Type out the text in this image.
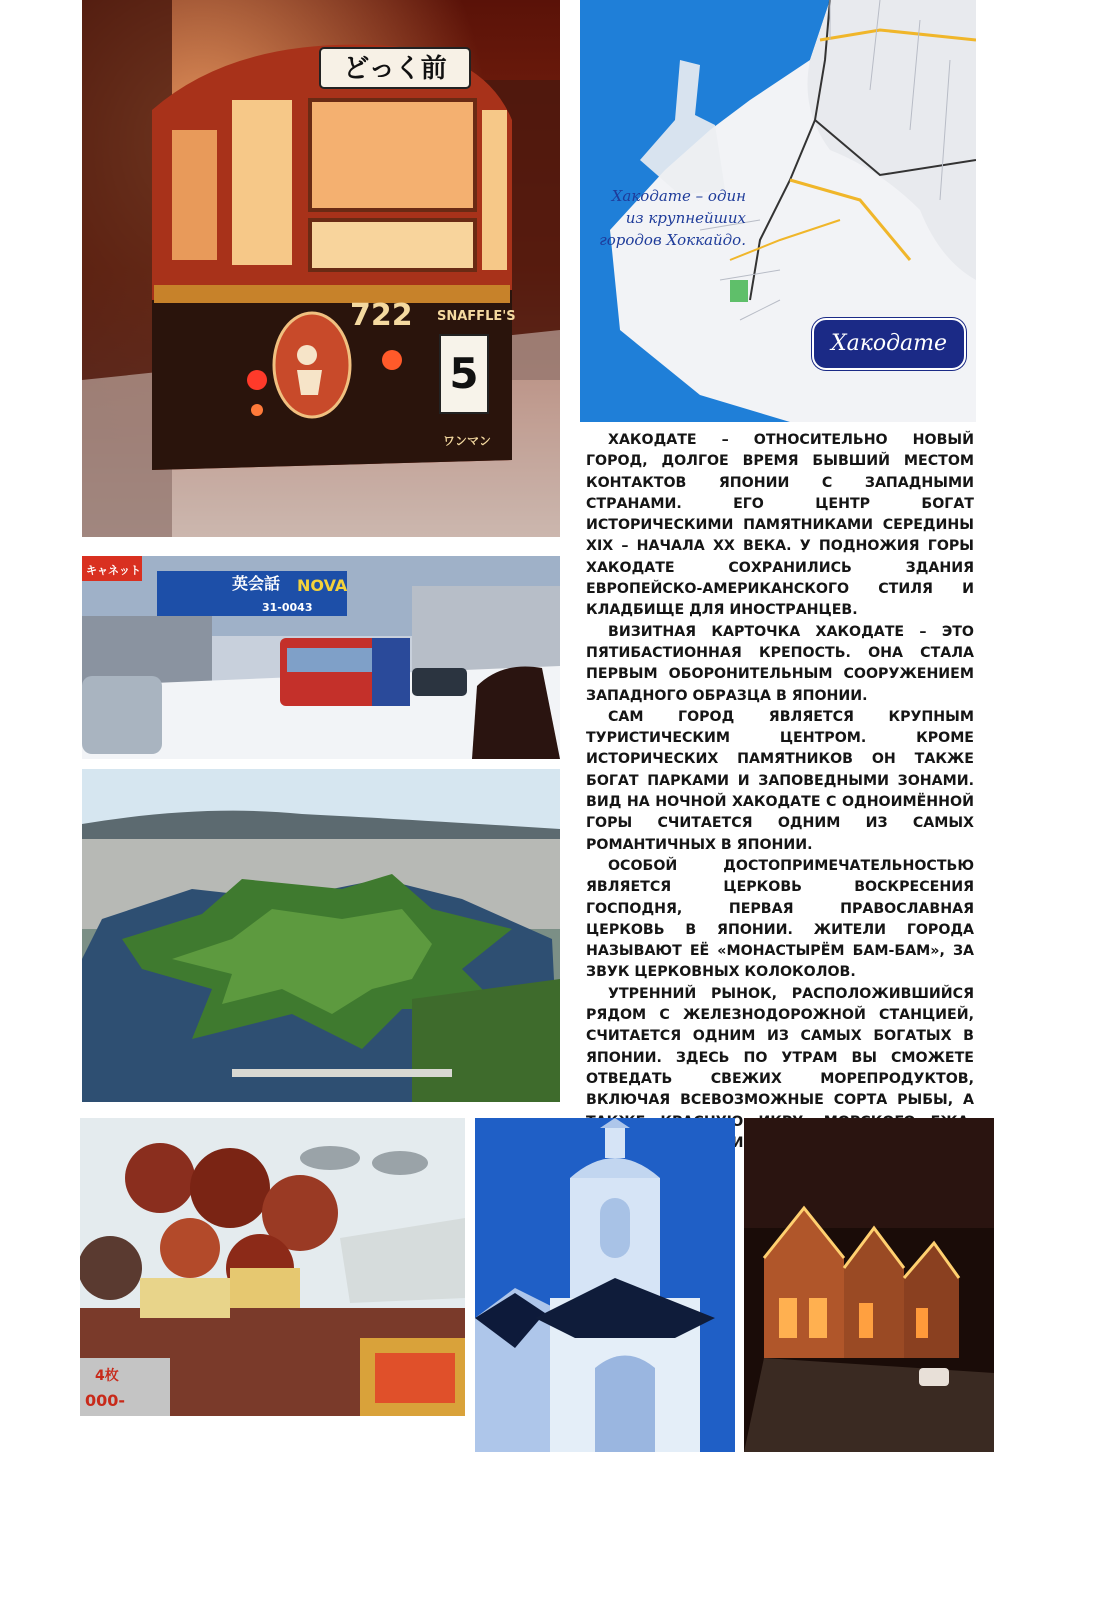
どっく前
722 SNAFFLE'S
5
ワンマン
Хакодате – один
из крупнейших
городов Хоккайдо.
Хакодате
英会話 NOVA
31-0043
キャネット

ХАКОДАТЕ – ОТНОСИТЕЛЬНО НОВЫЙ ГОРОД, ДОЛГОЕ ВРЕМЯ БЫВШИЙ МЕСТОМ КОНТАКТОВ ЯПОНИИ С ЗАПАДНЫМИ СТРАНАМИ. ЕГО ЦЕНТР БОГАТ ИСТОРИЧЕСКИМИ ПАМЯТНИКАМИ СЕРЕДИНЫ XIX – НАЧАЛА XX ВЕКА. У ПОДНОЖИЯ ГОРЫ ХАКОДАТЕ СОХРАНИЛИСЬ ЗДАНИЯ ЕВРОПЕЙСКО-АМЕРИКАНСКОГО СТИЛЯ И КЛАДБИЩЕ ДЛЯ ИНОСТРАНЦЕВ.

ВИЗИТНАЯ КАРТОЧКА ХАКОДАТЕ – ЭТО ПЯТИБАСТИОННАЯ КРЕПОСТЬ. ОНА СТАЛА ПЕРВЫМ ОБОРОНИТЕЛЬНЫМ СООРУЖЕНИЕМ ЗАПАДНОГО ОБРАЗЦА В ЯПОНИИ.

САМ ГОРОД ЯВЛЯЕТСЯ КРУПНЫМ ТУРИСТИЧЕСКИМ ЦЕНТРОМ. КРОМЕ ИСТОРИЧЕСКИХ ПАМЯТНИКОВ ОН ТАКЖЕ БОГАТ ПАРКАМИ И ЗАПОВЕДНЫМИ ЗОНАМИ. ВИД НА НОЧНОЙ ХАКОДАТЕ С ОДНОИМЁННОЙ ГОРЫ СЧИТАЕТСЯ ОДНИМ ИЗ САМЫХ РОМАНТИЧНЫХ В ЯПОНИИ.

ОСОБОЙ ДОСТОПРИМЕЧАТЕЛЬНОСТЬЮ ЯВЛЯЕТСЯ ЦЕРКОВЬ ВОСКРЕСЕНИЯ ГОСПОДНЯ, ПЕРВАЯ ПРАВОСЛАВНАЯ ЦЕРКОВЬ В ЯПОНИИ. ЖИТЕЛИ ГОРОДА НАЗЫВАЮТ ЕЁ «МОНАСТЫРЁМ БАМ-БАМ», ЗА ЗВУК ЦЕРКОВНЫХ КОЛОКОЛОВ.

УТРЕННИЙ РЫНОК, РАСПОЛОЖИВШИЙСЯ РЯДОМ С ЖЕЛЕЗНОДОРОЖНОЙ СТАНЦИЕЙ, СЧИТАЕТСЯ ОДНИМ ИЗ САМЫХ БОГАТЫХ В ЯПОНИИ. ЗДЕСЬ ПО УТРАМ ВЫ СМОЖЕТЕ ОТВЕДАТЬ СВЕЖИХ МОРЕПРОДУКТОВ, ВКЛЮЧАЯ ВСЕВОЗМОЖНЫЕ СОРТА РЫБЫ, А

4枚
000-
